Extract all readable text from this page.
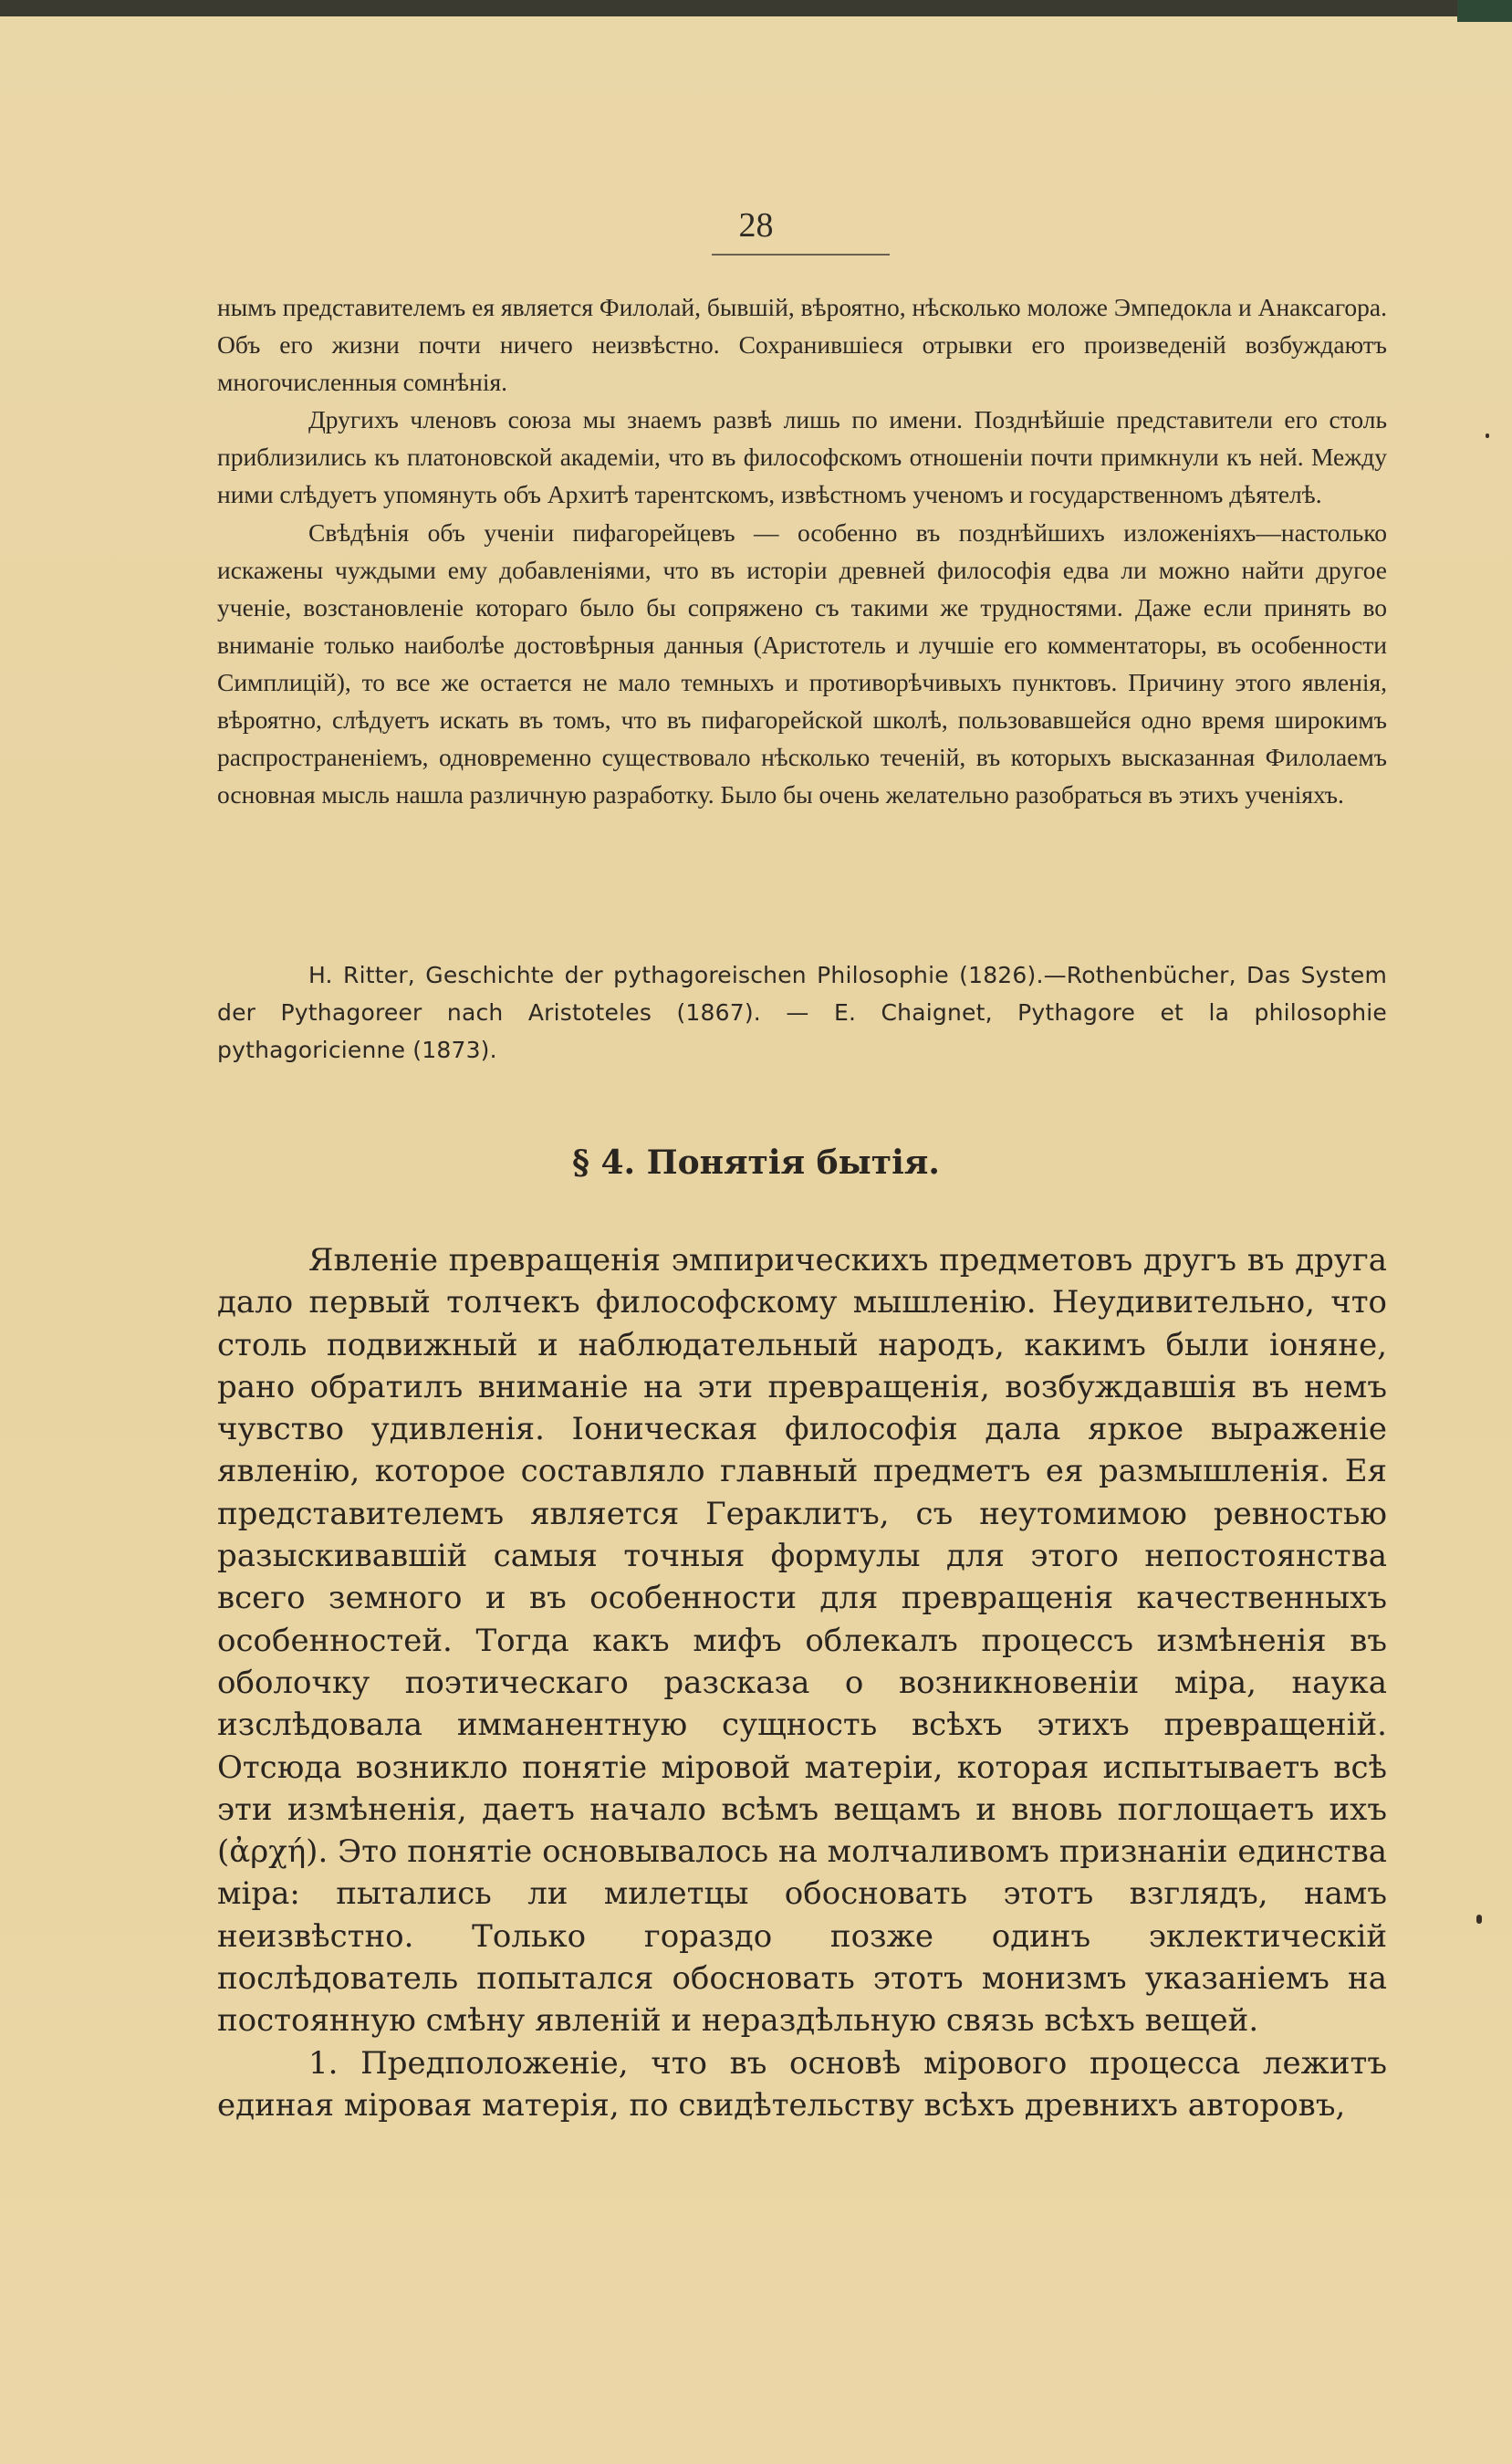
28

нымъ представителемъ ея является Филолай, бывшій, вѣроятно, нѣсколько моложе Эмпедокла и Анаксагора. Объ его жизни почти ничего неизвѣстно. Сохранившіеся отрывки его произведеній возбуждаютъ многочисленныя сомнѣнія.

Другихъ членовъ союза мы знаемъ развѣ лишь по имени. Позднѣйшіе представители его столь приблизились къ платоновской академіи, что въ философскомъ отношеніи почти примкнули къ ней. Между ними слѣдуетъ упомянуть объ Архитѣ тарентскомъ, извѣстномъ ученомъ и государственномъ дѣятелѣ.

Свѣдѣнія объ ученіи пифагорейцевъ — особенно въ позднѣйшихъ изложеніяхъ—настолько искажены чуждыми ему добавленіями, что въ исторіи древней философія едва ли можно найти другое ученіе, возстановленіе котораго было бы сопряжено съ такими же трудностями. Даже если принять во вниманіе только наиболѣе достовѣрныя данныя (Аристотель и лучшіе его комментаторы, въ особенности Симплицій), то все же остается не мало темныхъ и противорѣчивыхъ пунктовъ. Причину этого явленія, вѣроятно, слѣдуетъ искать въ томъ, что въ пифагорейской школѣ, пользовавшейся одно время широкимъ распространеніемъ, одновременно существовало нѣсколько теченій, въ которыхъ высказанная Филолаемъ основная мысль нашла различную разработку. Было бы очень желательно разобраться въ этихъ ученіяхъ.

H. Ritter, Geschichte der pythagoreischen Philosophie (1826).—Rothenbücher, Das System der Pythagoreer nach Aristoteles (1867). — E. Chaignet, Pythagore et la philosophie pythagoricienne (1873).

§ 4. Понятія бытія.

Явленіе превращенія эмпирическихъ предметовъ другъ въ друга дало первый толчекъ философскому мышленію. Неудивительно, что столь подвижный и наблюдательный народъ, какимъ были іоняне, рано обратилъ вниманіе на эти превращенія, возбуждавшія въ немъ чувство удивленія. Іоническая философія дала яркое выраженіе явленію, которое составляло главный предметъ ея размышленія. Ея представителемъ является Гераклитъ, съ неутомимою ревностью разыскивавшій самыя точныя формулы для этого непостоянства всего земного и въ особенности для превращенія качественныхъ особенностей. Тогда какъ мифъ облекалъ процессъ измѣненія въ оболочку поэтическаго разсказа о возникновеніи міра, наука изслѣдовала имманентную сущность всѣхъ этихъ превращеній. Отсюда возникло понятіе міровой матеріи, которая испытываетъ всѣ эти измѣненія, даетъ начало всѣмъ вещамъ и вновь поглощаетъ ихъ (ἀρχή). Это понятіе основывалось на молчаливомъ признаніи единства міра: пытались ли милетцы обосновать этотъ взглядъ, намъ неизвѣстно. Только гораздо позже одинъ эклектическій послѣдователь попытался обосновать этотъ монизмъ указаніемъ на постоянную смѣну явленій и нераздѣльную связь всѣхъ вещей.

1. Предположеніе, что въ основѣ мірового процесса лежитъ единая міровая матерія, по свидѣтельству всѣхъ древнихъ авторовъ,
